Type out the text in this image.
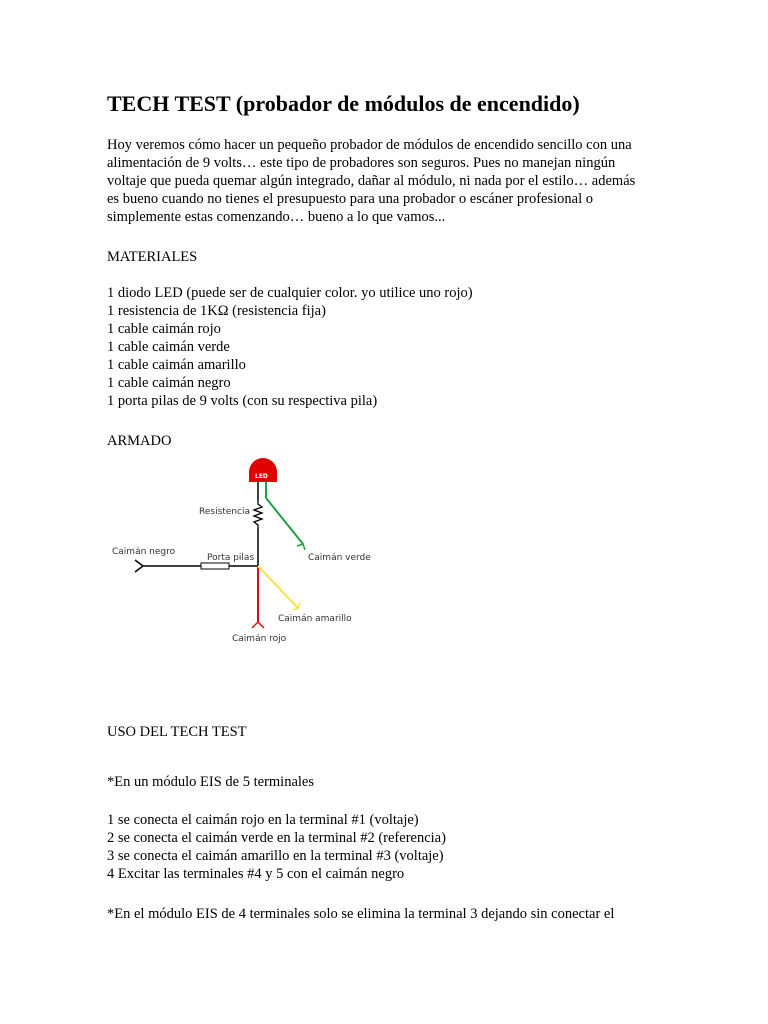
TECH TEST (probador de módulos de encendido)
Hoy veremos cómo hacer un pequeño probador de módulos de encendido sencillo con una
alimentación de 9 volts… este tipo de probadores son seguros. Pues no manejan ningún
voltaje que pueda quemar algún integrado, dañar al módulo, ni nada por el estilo… además
es bueno cuando no tienes el presupuesto para una probador o escáner profesional o
simplemente estas comenzando… bueno a lo que vamos...

MATERIALES

1 diodo LED (puede ser de cualquier color. yo utilice uno rojo)
1 resistencia de 1KΩ (resistencia fija)
1 cable caimán rojo
1 cable caimán verde
1 cable caimán amarillo
1 cable caimán negro
1 porta pilas de 9 volts (con su respectiva pila)

ARMADO

LED
Resistencia
Caimán verde
Caimán negro
Porta pilas
Caimán rojo
Caimán amarillo

USO DEL TECH TEST

*En un módulo EIS de 5 terminales

1 se conecta el caimán rojo en la terminal #1 (voltaje)
2 se conecta el caimán verde en la terminal #2 (referencia)
3 se conecta el caimán amarillo en la terminal #3 (voltaje)
4 Excitar las terminales #4 y 5 con el caimán negro

*En el módulo EIS de 4 terminales solo se elimina la terminal 3 dejando sin conectar el
